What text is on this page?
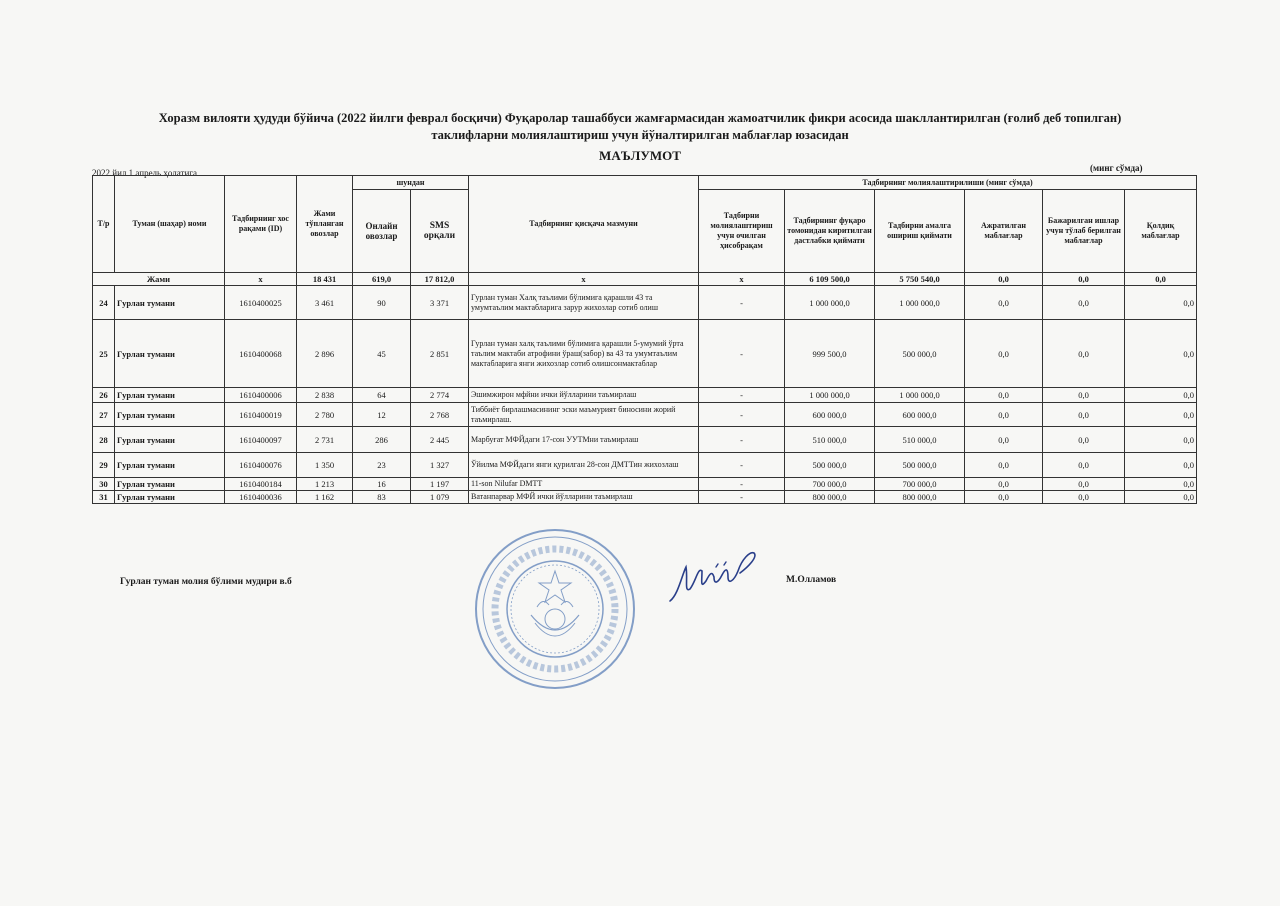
Хоразм вилояти ҳудуди бўйича (2022 йилги феврал босқичи) Фуқаролар ташаббуси жамғармасидан жамоатчилик фикри асосида шакллантирилган (ғолиб деб топилган)
таклифларни молиялаштириш учун йўналтирилган маблағлар юзасидан
МАЪЛУМОТ
2022 йил 1 апрель ҳолатига	(минг сўмда)
Т/р	Туман (шаҳар) номи	Тадбирнинг хос рақами (ID)	Жами тўпланган овозлар	шундан		Тадбирнинг қисқача мазмуни	Тадбирнинг молиялаштирилиши (минг сўмда)					
				Онлайн овозлар	SMS орқали		Тадбирни молиялаштириш учун очилган ҳисобрақам	Тадбирнинг фуқаро томонидан киритилган дастлабки қиймати	Тадбирни амалга ошириш қиймати	Ажратилган маблағлар	Бажарилган ишлар учун тўлаб берилган маблағлар	Қолдиқ маблағлар
Жами		x	18 431	619,0	17 812,0	x	x	6 109 500,0	5 750 540,0	0,0	0,0	0,0
24	Гурлан тумани	1610400025	3 461	90	3 371	Гурлан туман Халқ таълими бўлимига қарашли 43 та умумтаълим мактабларига зарур жихозлар сотиб олиш	-	1 000 000,0	1 000 000,0	0,0	0,0	0,0
25	Гурлан тумани	1610400068	2 896	45	2 851	Гурлан туман халқ таълими бўлимига қарашли 5-умумий ўрта таълим мактаби атрофини ўраш(забор) ва 43 та умумтаълим мактабларига янги жихозлар сотиб олишсонмактаблар	-	999 500,0	500 000,0	0,0	0,0	0,0
26	Гурлан тумани	1610400006	2 838	64	2 774	Эшимжирон мфйни ички йўлларини таъмирлаш	-	1 000 000,0	1 000 000,0	0,0	0,0	0,0
27	Гурлан тумани	1610400019	2 780	12	2 768	Тиббиёт бирлашмасининг эски маъмурият биносини жорий таъмирлаш.	-	600 000,0	600 000,0	0,0	0,0	0,0
28	Гурлан тумани	1610400097	2 731	286	2 445	Марбуғат МФЙдаги 17-сон УУТМни таъмирлаш	-	510 000,0	510 000,0	0,0	0,0	0,0
29	Гурлан тумани	1610400076	1 350	23	1 327	Ўйилма МФЙдаги янги қурилган 28-сон ДМТТин жихозлаш	-	500 000,0	500 000,0	0,0	0,0	0,0
30	Гурлан тумани	1610400184	1 213	16	1 197	11-son Nilufar DMTT	-	700 000,0	700 000,0	0,0	0,0	0,0
31	Гурлан тумани	1610400036	1 162	83	1 079	Ватанпарвар МФЙ ички йўлларини таъмирлаш	-	800 000,0	800 000,0	0,0	0,0	0,0
Гурлан туман молия бўлими мудири в.б	М.Олламов
